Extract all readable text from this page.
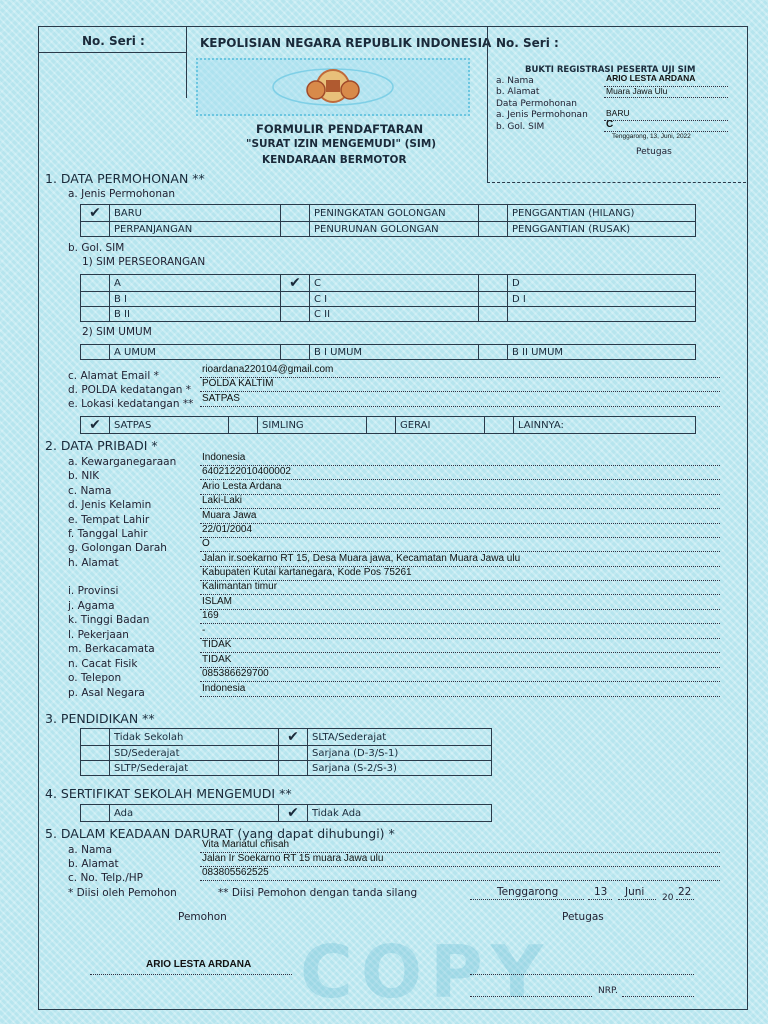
COPY
No. Seri :	KEPOLISIAN NEGARA REPUBLIK INDONESIA
FORMULIR PENDAFTARAN
"SURAT IZIN MENGEMUDI" (SIM)
KENDARAAN BERMOTOR
No. Seri :
BUKTI REGISTRASI PESERTA UJI SIM
a. Nama	ARIO LESTA ARDANA
b. Alamat	Muara Jawa Ulu
Data Permohonan
a. Jenis Permohonan BARU
b. Gol. SIM	C
Tenggarong, 13, Juni, 2022
Petugas
1. DATA PERMOHONAN **
a. Jenis Permohonan
✔	BARU		PENINGKATAN GOLONGAN		PENGGANTIAN (HILANG)
	PERPANJANGAN		PENURUNAN GOLONGAN		PENGGANTIAN (RUSAK)
b. Gol. SIM
1) SIM PERSEORANGAN
	A	✔	C		D
	B I		C I		D I
	B II		C II		
2) SIM UMUM
	A UMUM		B I UMUM		B II UMUM
c. Alamat Email *
rioardana220104@gmail.com
d. POLDA kedatangan *
POLDA KALTIM
e. Lokasi kedatangan ** SATPAS
✔	SATPAS		SIMLING		GERAI		LAINNYA:
2. DATA PRIBADI *
a. Kewarganegaraan	Indonesia
b. NIK	6402122010400002
c. Nama	Ario Lesta Ardana
d. Jenis Kelamin	Laki-Laki
e. Tempat Lahir	Muara Jawa
f. Tanggal Lahir	22/01/2004
g. Golongan Darah	O
h. Alamat	Jalan ir.soekarno RT 15, Desa Muara jawa, Kecamatan Muara Jawa ulu
Kabupaten Kutai kartanegara, Kode Pos 75261
i. Provinsi	Kalimantan timur
j. Agama	ISLAM
k. Tinggi Badan	169
l. Pekerjaan	-
m. Berkacamata	TIDAK
n. Cacat Fisik	TIDAK
o. Telepon	085386629700
p. Asal Negara	Indonesia
3. PENDIDIKAN **
	Tidak Sekolah	✔	SLTA/Sederajat
	SD/Sederajat		Sarjana (D-3/S-1)
	SLTP/Sederajat		Sarjana (S-2/S-3)
4. SERTIFIKAT SEKOLAH MENGEMUDI **
	Ada	✔	Tidak Ada
5. DALAM KEADAAN DARURAT (yang dapat dihubungi) *
a. Nama	Vita Mariatul chisah
b. Alamat	Jalan Ir Soekarno RT 15 muara Jawa ulu
c. No. Telp./HP	083805562525
* Diisi oleh Pemohon	** Diisi Pemohon dengan tanda silang	Tenggarong	13 Juni 20 22
Pemohon	Petugas
ARIO LESTA ARDANA
NRP.
